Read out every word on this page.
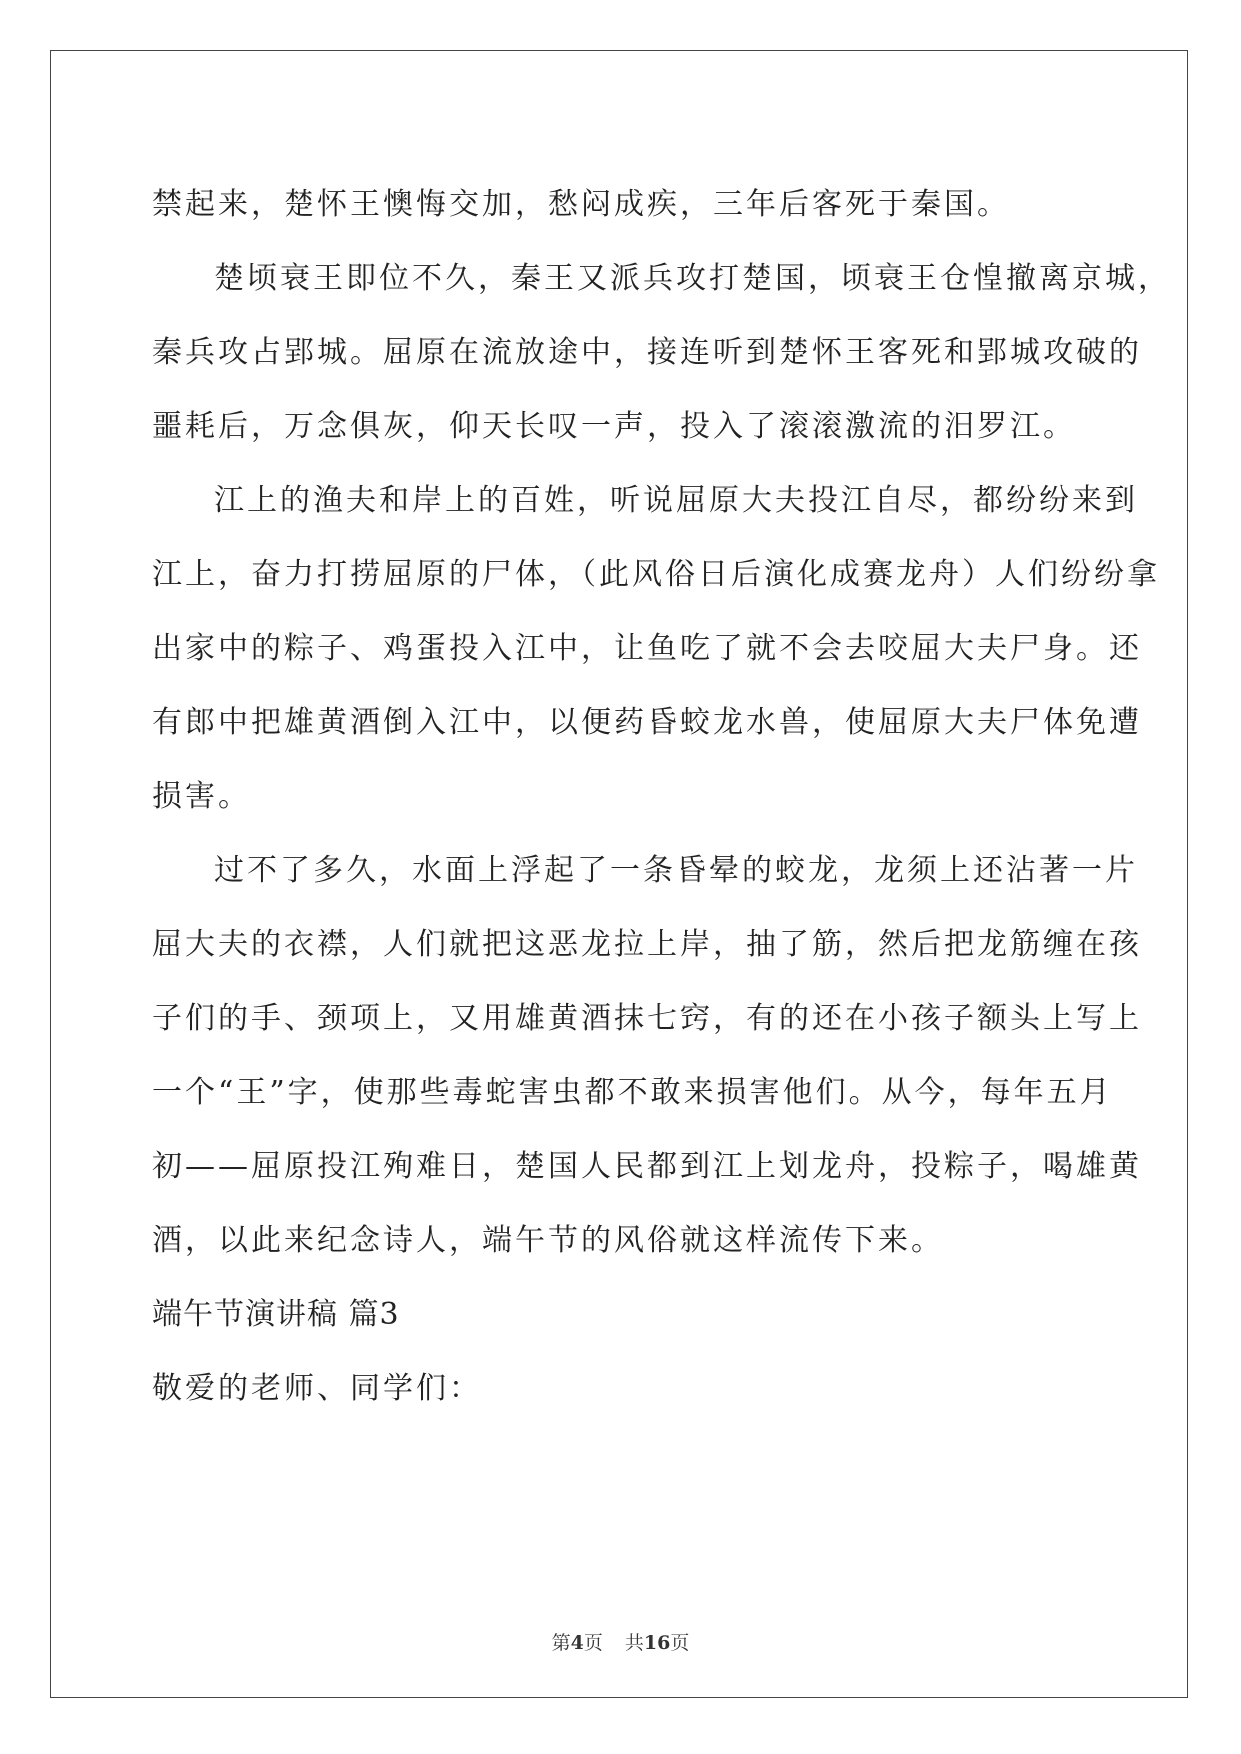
禁起来，楚怀王懊悔交加，愁闷成疾，三年后客死于秦国。
楚顷衰王即位不久，秦王又派兵攻打楚国，顷衰王仓惶撤离京城，
秦兵攻占郢城。屈原在流放途中，接连听到楚怀王客死和郢城攻破的
噩耗后，万念俱灰，仰天长叹一声，投入了滚滚激流的汨罗江。
江上的渔夫和岸上的百姓，听说屈原大夫投江自尽，都纷纷来到
江上，奋力打捞屈原的尸体，（此风俗日后演化成赛龙舟）人们纷纷拿
出家中的粽子、鸡蛋投入江中，让鱼吃了就不会去咬屈大夫尸身。还
有郎中把雄黄酒倒入江中，以便药昏蛟龙水兽，使屈原大夫尸体免遭
损害。
过不了多久，水面上浮起了一条昏晕的蛟龙，龙须上还沾著一片
屈大夫的衣襟，人们就把这恶龙拉上岸，抽了筋，然后把龙筋缠在孩
子们的手、颈项上，又用雄黄酒抹七窍，有的还在小孩子额头上写上
一个“王”字，使那些毒蛇害虫都不敢来损害他们。从今，每年五月
初——屈原投江殉难日，楚国人民都到江上划龙舟，投粽子，喝雄黄
酒，以此来纪念诗人，端午节的风俗就这样流传下来。
端午节演讲稿 篇3
敬爱的老师、同学们：
第4页 共16页
